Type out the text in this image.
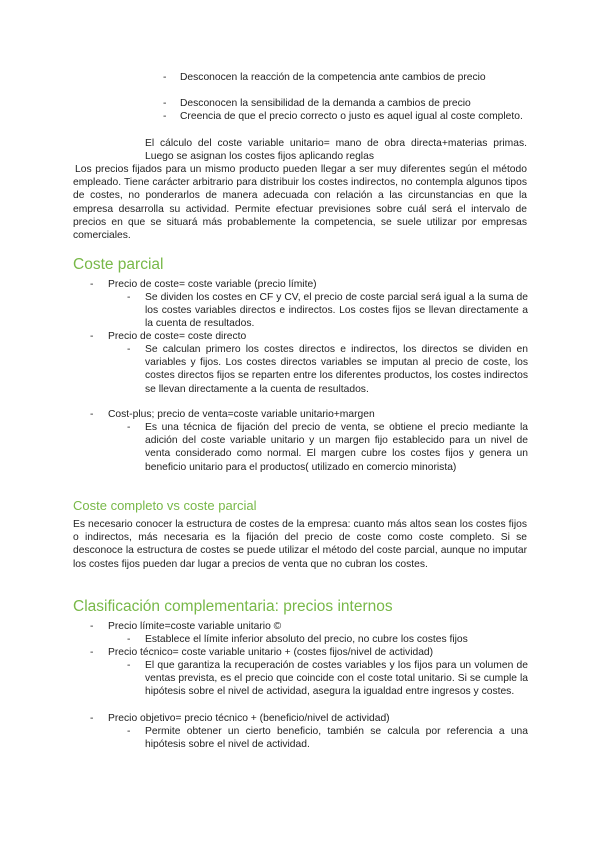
- Desconocen la reacción de la competencia ante cambios de precio

- Desconocen la sensibilidad de la demanda a cambios de precio

- Creencia de que el precio correcto o justo es aquel igual al coste completo.

El cálculo del coste variable unitario= mano de obra directa+materias primas. Luego se asignan los costes fijos aplicando reglas

Los precios fijados para un mismo producto pueden llegar a ser muy diferentes según el método empleado. Tiene carácter arbitrario para distribuir los costes indirectos, no contempla algunos tipos de costes, no ponderarlos de manera adecuada con relación a las circunstancias en que la empresa desarrolla su actividad. Permite efectuar previsiones sobre cuál será el intervalo de precios en que se situará más probablemente la competencia, se suele utilizar por empresas comerciales.

Coste parcial
- Precio de coste= coste variable (precio límite)

- Se dividen los costes en CF y CV, el precio de coste parcial será igual a la suma de los costes variables directos e indirectos. Los costes fijos se llevan directamente a la cuenta de resultados.

- Precio de coste= coste directo

- Se calculan primero los costes directos e indirectos, los directos se dividen en variables y fijos. Los costes directos variables se imputan al precio de coste, los costes directos fijos se reparten entre los diferentes productos, los costes indirectos se llevan directamente a la cuenta de resultados.

- Cost-plus; precio de venta=coste variable unitario+margen

- Es una técnica de fijación del precio de venta, se obtiene el precio mediante la adición del coste variable unitario y un margen fijo establecido para un nivel de venta considerado como normal. El margen cubre los costes fijos y genera un beneficio unitario para el productos( utilizado en comercio minorista)

Coste completo vs coste parcial

Es necesario conocer la estructura de costes de la empresa: cuanto más altos sean los costes fijos o indirectos, más necesaria es la fijación del precio de coste como coste completo. Si se desconoce la estructura de costes se puede utilizar el método del coste parcial, aunque no imputar los costes fijos pueden dar lugar a precios de venta que no cubran los costes.

Clasificación complementaria: precios internos
- Precio límite=coste variable unitario ©

- Establece el límite inferior absoluto del precio, no cubre los costes fijos

- Precio técnico= coste variable unitario + (costes fijos/nivel de actividad)

- El que garantiza la recuperación de costes variables y los fijos para un volumen de ventas prevista, es el precio que coincide con el coste total unitario. Si se cumple la hipótesis sobre el nivel de actividad, asegura la igualdad entre ingresos y costes.

- Precio objetivo= precio técnico + (beneficio/nivel de actividad)

- Permite obtener un cierto beneficio, también se calcula por referencia a una hipótesis sobre el nivel de actividad.
